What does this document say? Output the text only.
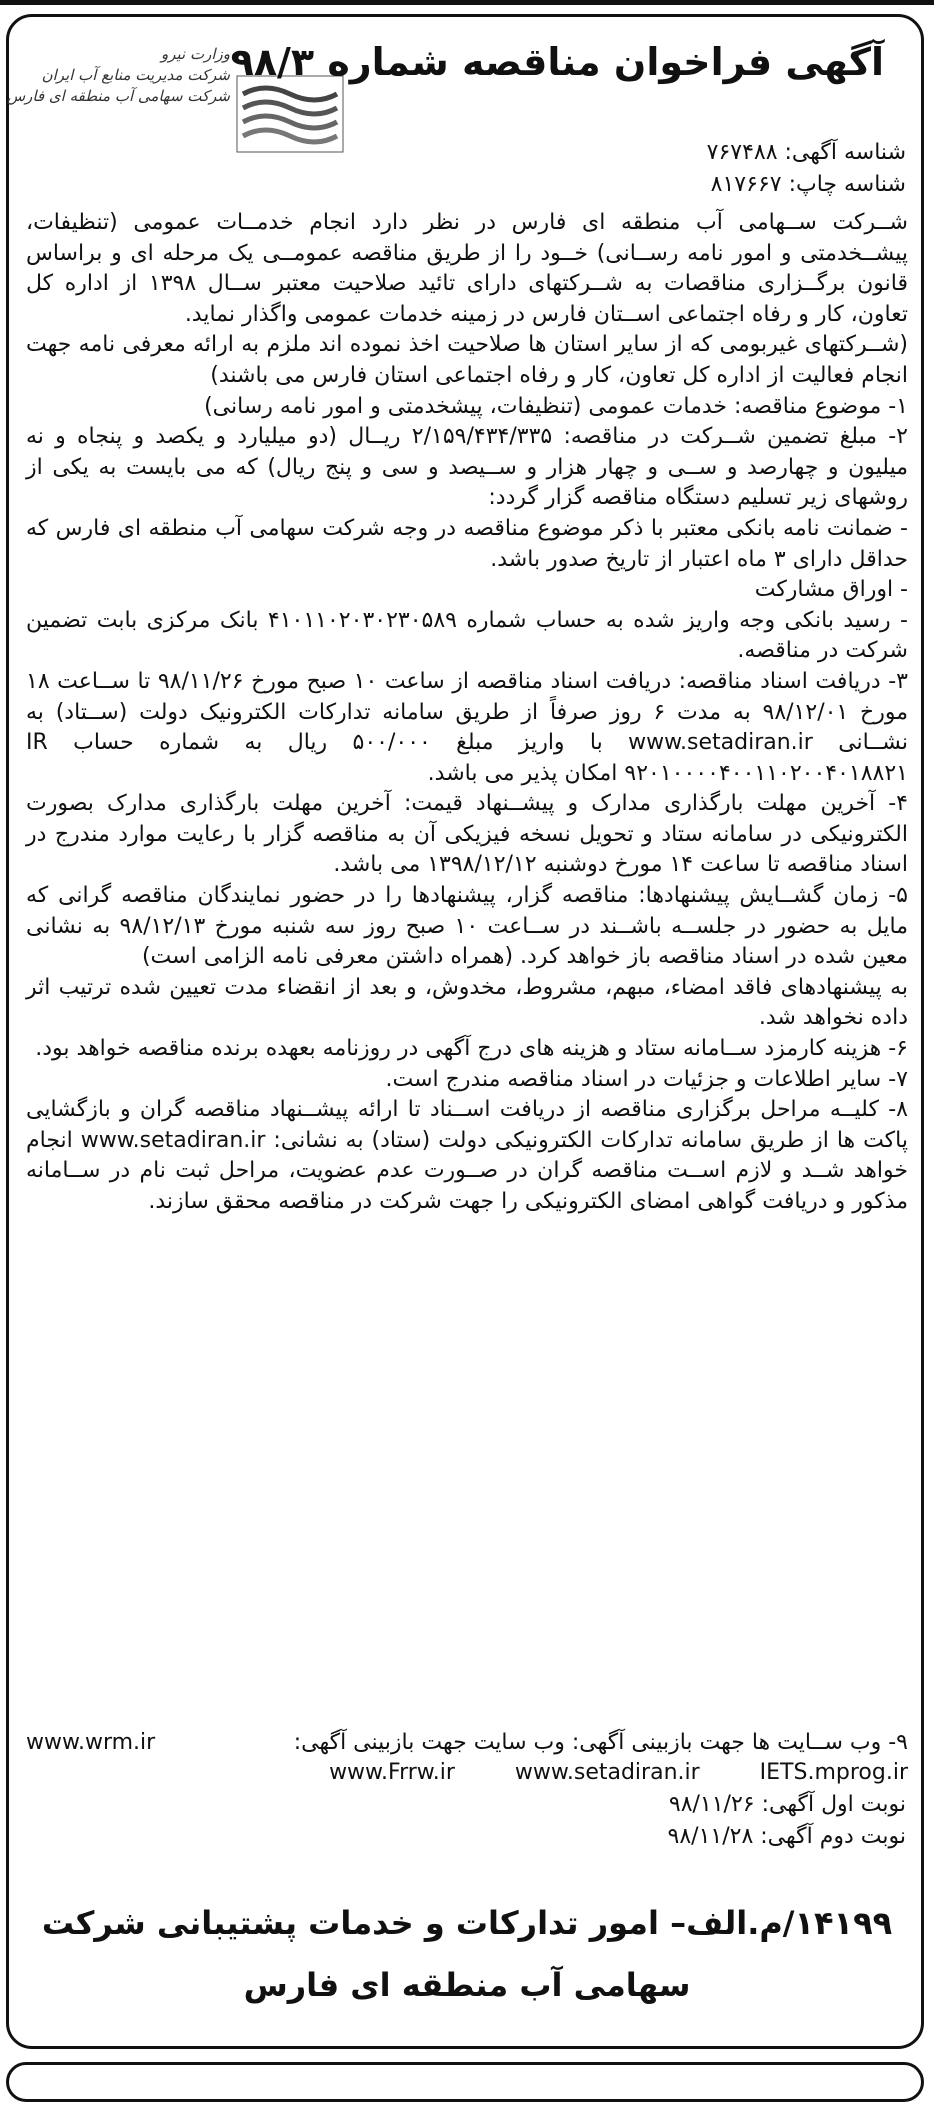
وزارت نیرو
شرکت مدیریت منابع آب ایران
شرکت سهامی آب منطقه ای فارس
آگهی فراخوان مناقصه شماره ۹۸/۳
شناسه آگهی: ۷۶۷۴۸۸
شناسه چاپ: ۸۱۷۶۶۷

شــرکت ســهامی آب منطقه ای فارس در نظر دارد انجام خدمــات عمومی (تنظیفات، پیشــخدمتی و امور نامه رســانی) خــود را از طریق مناقصه عمومــی یک مرحله ای و براساس قانون برگــزاری مناقصات به شــرکتهای دارای تائید صلاحیت معتبر ســال ۱۳۹۸ از اداره کل تعاون، کار و رفاه اجتماعی اســتان فارس در زمینه خدمات عمومی واگذار نماید.

(شــرکتهای غیربومی که از سایر استان ها صلاحیت اخذ نموده اند ملزم به ارائه معرفی نامه جهت انجام فعالیت از اداره کل تعاون، کار و رفاه اجتماعی استان فارس می باشند)

۱- موضوع مناقصه: خدمات عمومی (تنظیفات، پیشخدمتی و امور نامه رسانی)

۲- مبلغ تضمین شــرکت در مناقصه: ۲/۱۵۹/۴۳۴/۳۳۵ ریــال (دو میلیارد و یکصد و پنجاه و نه میلیون و چهارصد و ســی و چهار هزار و ســیصد و سی و پنج ریال) که می بایست به یکی از روشهای زیر تسلیم دستگاه مناقصه گزار گردد:

- ضمانت نامه بانکی معتبر با ذکر موضوع مناقصه در وجه شرکت سهامی آب منطقه ای فارس که حداقل دارای ۳ ماه اعتبار از تاریخ صدور باشد.

- اوراق مشارکت

- رسید بانکی وجه واریز شده به حساب شماره ۴۱۰۱۱۰۲۰۳۰۲۳۰۵۸۹ بانک مرکزی بابت تضمین شرکت در مناقصه.

۳- دریافت اسناد مناقصه: دریافت اسناد مناقصه از ساعت ۱۰ صبح مورخ ۹۸/۱۱/۲۶ تا ســاعت ۱۸ مورخ ۹۸/۱۲/۰۱ به مدت ۶ روز صرفاً از طریق سامانه تدارکات الکترونیک دولت (ســتاد) به نشــانی www.setadiran.ir با واریز مبلغ ۵۰۰/۰۰۰ ریال به شماره حساب IR ۹۲۰۱۰۰۰۰۴۰۰۱۱۰۲۰۰۴۰۱۸۸۲۱ امکان پذیر می باشد.

۴- آخرین مهلت بارگذاری مدارک و پیشــنهاد قیمت: آخرین مهلت بارگذاری مدارک بصورت الکترونیکی در سامانه ستاد و تحویل نسخه فیزیکی آن به مناقصه گزار با رعایت موارد مندرج در اسناد مناقصه تا ساعت ۱۴ مورخ دوشنبه ۱۳۹۸/۱۲/۱۲ می باشد.

۵- زمان گشــایش پیشنهادها: مناقصه گزار، پیشنهادها را در حضور نمایندگان مناقصه گرانی که مایل به حضور در جلســه باشــند در ســاعت ۱۰ صبح روز سه شنبه مورخ ۹۸/۱۲/۱۳ به نشانی معین شده در اسناد مناقصه باز خواهد کرد. (همراه داشتن معرفی نامه الزامی است)

به پیشنهادهای فاقد امضاء، مبهم، مشروط، مخدوش، و بعد از انقضاء مدت تعیین شده ترتیب اثر داده نخواهد شد.

۶- هزینه کارمزد ســامانه ستاد و هزینه های درج آگهی در روزنامه بعهده برنده مناقصه خواهد بود.

۷- سایر اطلاعات و جزئیات در اسناد مناقصه مندرج است.

۸- کلیــه مراحل برگزاری مناقصه از دریافت اســناد تا ارائه پیشــنهاد مناقصه گران و بازگشایی پاکت ها از طریق سامانه تدارکات الکترونیکی دولت (ستاد) به نشانی: www.setadiran.ir انجام خواهد شــد و لازم اســت مناقصه گران در صــورت عدم عضویت، مراحل ثبت نام در ســامانه مذکور و دریافت گواهی امضای الکترونیکی را جهت شرکت در مناقصه محقق سازند.

۹- وب ســایت ها جهت بازبینی آگهی: وب سایت جهت بازبینی آگهی:
www.wrm.ir
www.Frrw.ir	www.setadiran.ir	IETS.mprog.ir
نوبت اول آگهی: ۹۸/۱۱/۲۶
نوبت دوم آگهی: ۹۸/۱۱/۲۸
۱۴۱۹۹/م.الف– امور تدارکات و خدمات پشتیبانی شرکت
سهامی آب منطقه ای فارس
